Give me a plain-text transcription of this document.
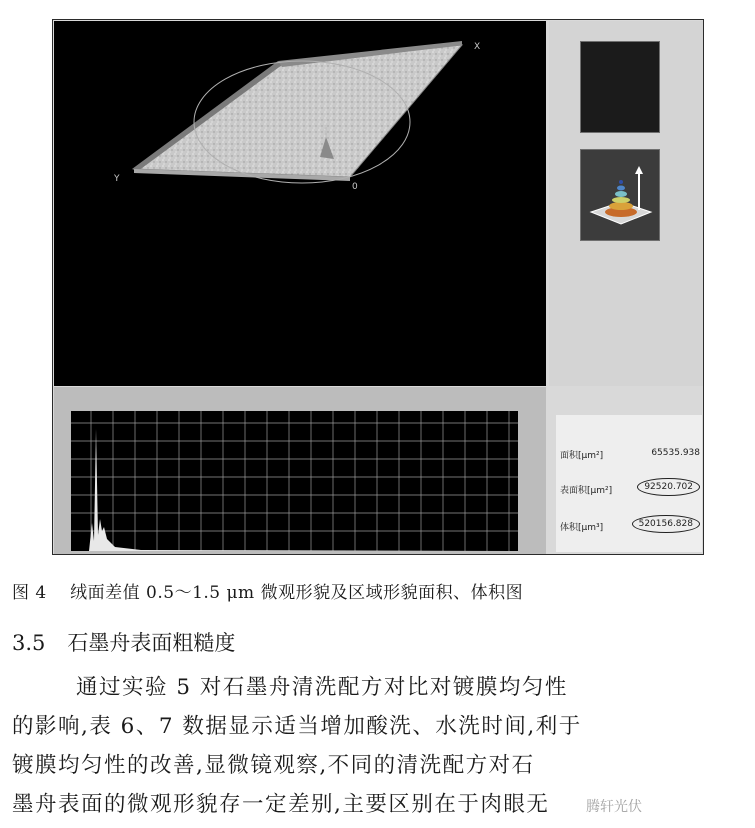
X
Y
Z
0
面积[μm²]	65535.938
表面积[μm²]	92520.702
体积[μm³]	520156.828
图 4　 绒面差值 0.5～1.5 μm 微观形貌及区域形貌面积、体积图
3.5 石墨舟表面粗糙度
通过实验 5 对石墨舟清洗配方对比对镀膜均匀性
的影响,表 6、7 数据显示适当增加酸洗、水洗时间,利于
镀膜均匀性的改善,显微镜观察,不同的清洗配方对石
墨舟表面的微观形貌存一定差别,主要区别在于肉眼无	腾轩光伏
